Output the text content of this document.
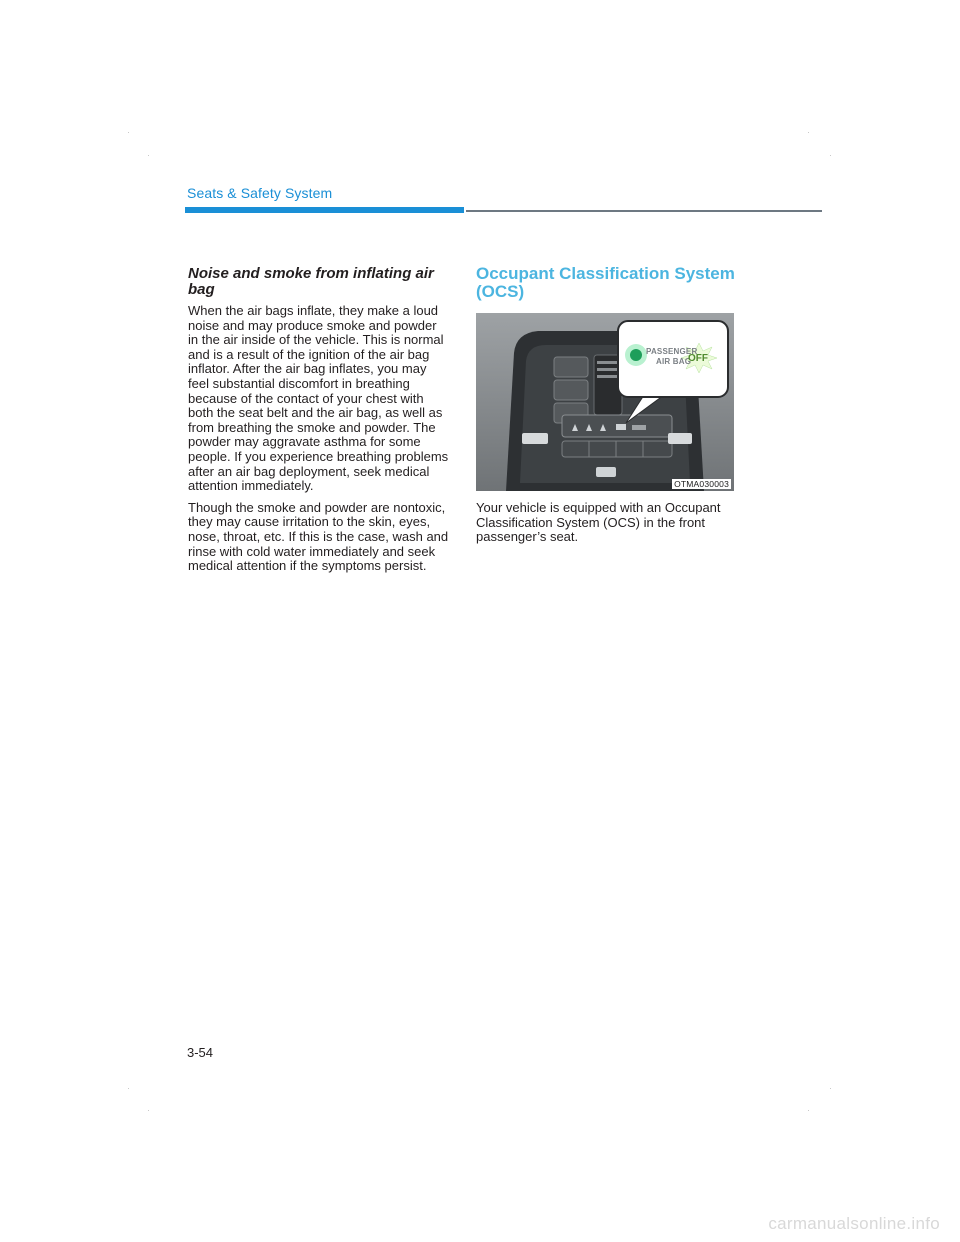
Seats & Safety System
Noise and smoke from inflating air bag

When the air bags inflate, they make a loud noise and may produce smoke and powder in the air inside of the vehicle. This is normal and is a result of the ignition of the air bag inflator. After the air bag inflates, you may feel substantial discomfort in breathing because of the contact of your chest with both the seat belt and the air bag, as well as from breathing the smoke and powder. The powder may aggravate asthma for some people. If you experience breathing problems after an air bag deployment, seek medical attention immediately.

Though the smoke and powder are nontoxic, they may cause irritation to the skin, eyes, nose, throat, etc. If this is the case, wash and rinse with cold water immediately and seek medical attention if the symptoms persist.

Occupant Classification System (OCS)
PASSENGER
AIR BAG
OFF
OTMA030003

Your vehicle is equipped with an Occupant Classification System (OCS) in the front passenger’s seat.

3-54
carmanualsonline.info
